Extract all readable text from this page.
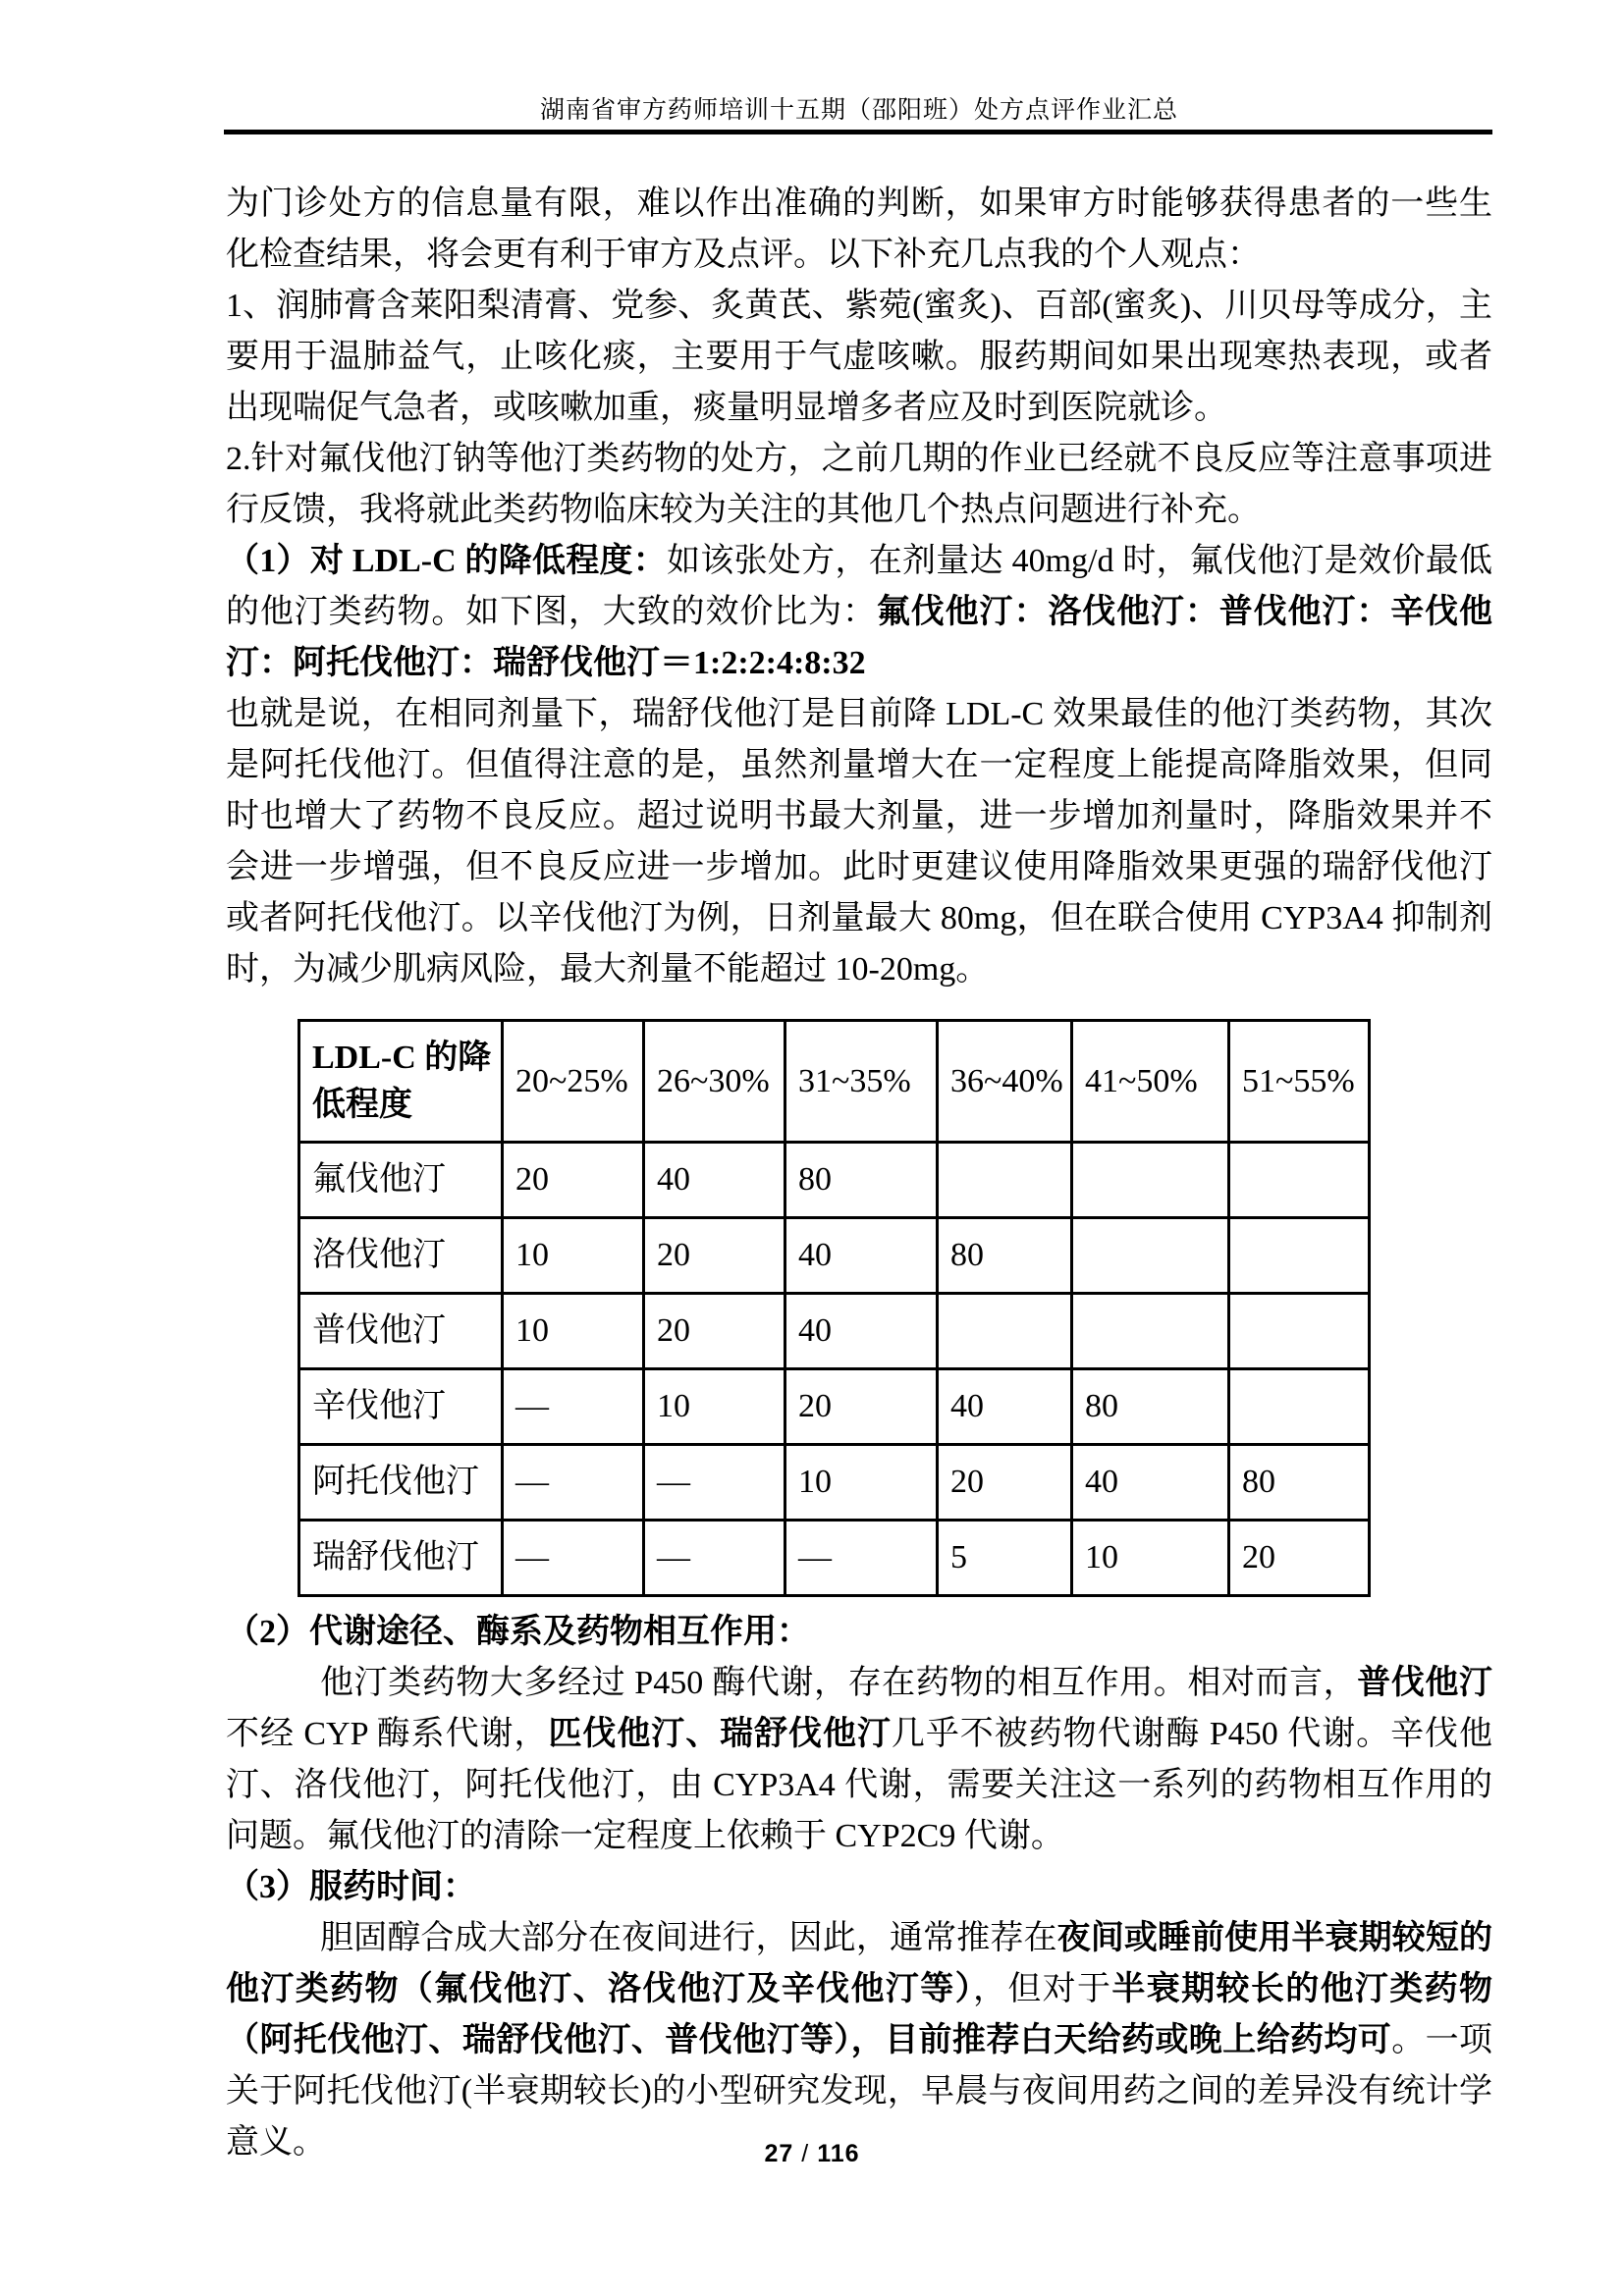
湖南省审方药师培训十五期（邵阳班）处方点评作业汇总

为门诊处方的信息量有限，难以作出准确的判断，如果审方时能够获得患者的一些生化检查结果，将会更有利于审方及点评。以下补充几点我的个人观点：

1、润肺膏含莱阳梨清膏、党参、炙黄芪、紫菀(蜜炙)、百部(蜜炙)、川贝母等成分，主要用于温肺益气，止咳化痰，主要用于气虚咳嗽。服药期间如果出现寒热表现，或者出现喘促气急者，或咳嗽加重，痰量明显增多者应及时到医院就诊。

2.针对氟伐他汀钠等他汀类药物的处方，之前几期的作业已经就不良反应等注意事项进行反馈，我将就此类药物临床较为关注的其他几个热点问题进行补充。

（1）对 LDL-C 的降低程度：如该张处方，在剂量达 40mg/d 时，氟伐他汀是效价最低的他汀类药物。如下图，大致的效价比为：氟伐他汀：洛伐他汀：普伐他汀：辛伐他汀：阿托伐他汀：瑞舒伐他汀＝1:2:2:4:8:32

也就是说，在相同剂量下，瑞舒伐他汀是目前降 LDL-C 效果最佳的他汀类药物，其次是阿托伐他汀。但值得注意的是，虽然剂量增大在一定程度上能提高降脂效果，但同时也增大了药物不良反应。超过说明书最大剂量，进一步增加剂量时，降脂效果并不会进一步增强，但不良反应进一步增加。此时更建议使用降脂效果更强的瑞舒伐他汀或者阿托伐他汀。以辛伐他汀为例，日剂量最大 80mg，但在联合使用 CYP3A4 抑制剂时，为减少肌病风险，最大剂量不能超过 10-20mg。

LDL-C 的降低程度	20~25%	26~30%	31~35%	36~40%	41~50%	51~55%
氟伐他汀	20	40	80			
洛伐他汀	10	20	40	80		
普伐他汀	10	20	40			
辛伐他汀	—	10	20	40	80	
阿托伐他汀	—	—	10	20	40	80
瑞舒伐他汀	—	—	—	5	10	20

（2）代谢途径、酶系及药物相互作用：

他汀类药物大多经过 P450 酶代谢，存在药物的相互作用。相对而言，普伐他汀不经 CYP 酶系代谢，匹伐他汀、瑞舒伐他汀几乎不被药物代谢酶 P450 代谢。辛伐他汀、洛伐他汀，阿托伐他汀，由 CYP3A4 代谢，需要关注这一系列的药物相互作用的问题。氟伐他汀的清除一定程度上依赖于 CYP2C9 代谢。

（3）服药时间：

胆固醇合成大部分在夜间进行，因此，通常推荐在夜间或睡前使用半衰期较短的他汀类药物（氟伐他汀、洛伐他汀及辛伐他汀等），但对于半衰期较长的他汀类药物（阿托伐他汀、瑞舒伐他汀、普伐他汀等），目前推荐白天给药或晚上给药均可。一项关于阿托伐他汀(半衰期较长)的小型研究发现，早晨与夜间用药之间的差异没有统计学意义。	27 / 116
